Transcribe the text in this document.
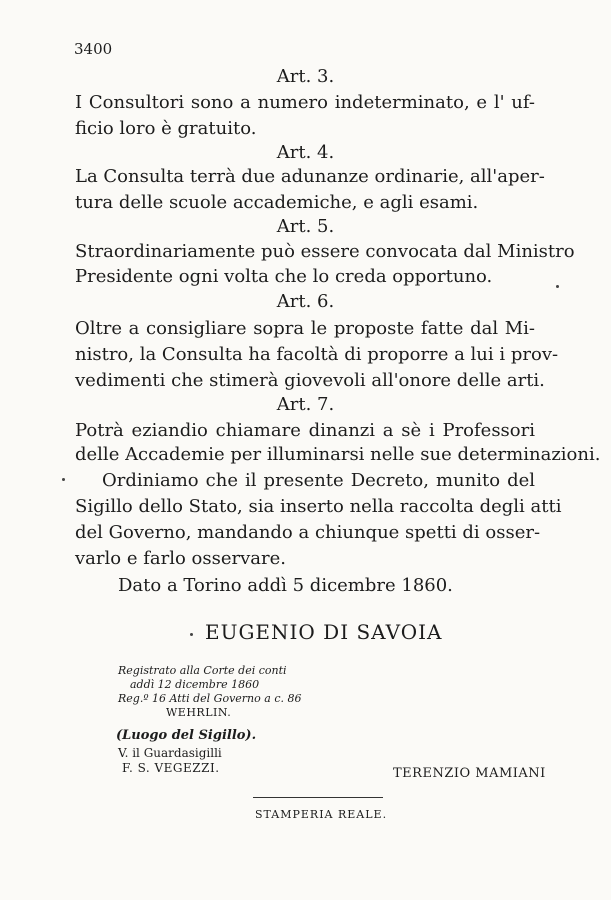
3400
Art. 3.
I Consultori sono a numero indeterminato, e l' uf-
ficio loro è gratuito.
Art. 4.
La Consulta terrà due adunanze ordinarie, all'aper-
tura delle scuole accademiche, e agli esami.
Art. 5.
Straordinariamente può essere convocata dal Ministro
Presidente ogni volta che lo creda opportuno.
Art. 6.
Oltre a consigliare sopra le proposte fatte dal Mi-
nistro, la Consulta ha facoltà di proporre a lui i prov-
vedimenti che stimerà giovevoli all'onore delle arti.
Art. 7.
Potrà eziandio chiamare dinanzi a sè i Professori
delle Accademie per illuminarsi nelle sue determinazioni.
Ordiniamo che il presente Decreto, munito del
Sigillo dello Stato, sia inserto nella raccolta degli atti
del Governo, mandando a chiunque spetti di osser-
varlo e farlo osservare.
Dato a Torino addì 5 dicembre 1860.
EUGENIO DI SAVOIA
Registrato alla Corte dei conti
addì 12 dicembre 1860
Reg.º 16 Atti del Governo a c. 86
WEHRLIN.
(Luogo del Sigillo).
V. il Guardasigilli
F. S. VEGEZZI.	TERENZIO MAMIANI
STAMPERIA REALE.
